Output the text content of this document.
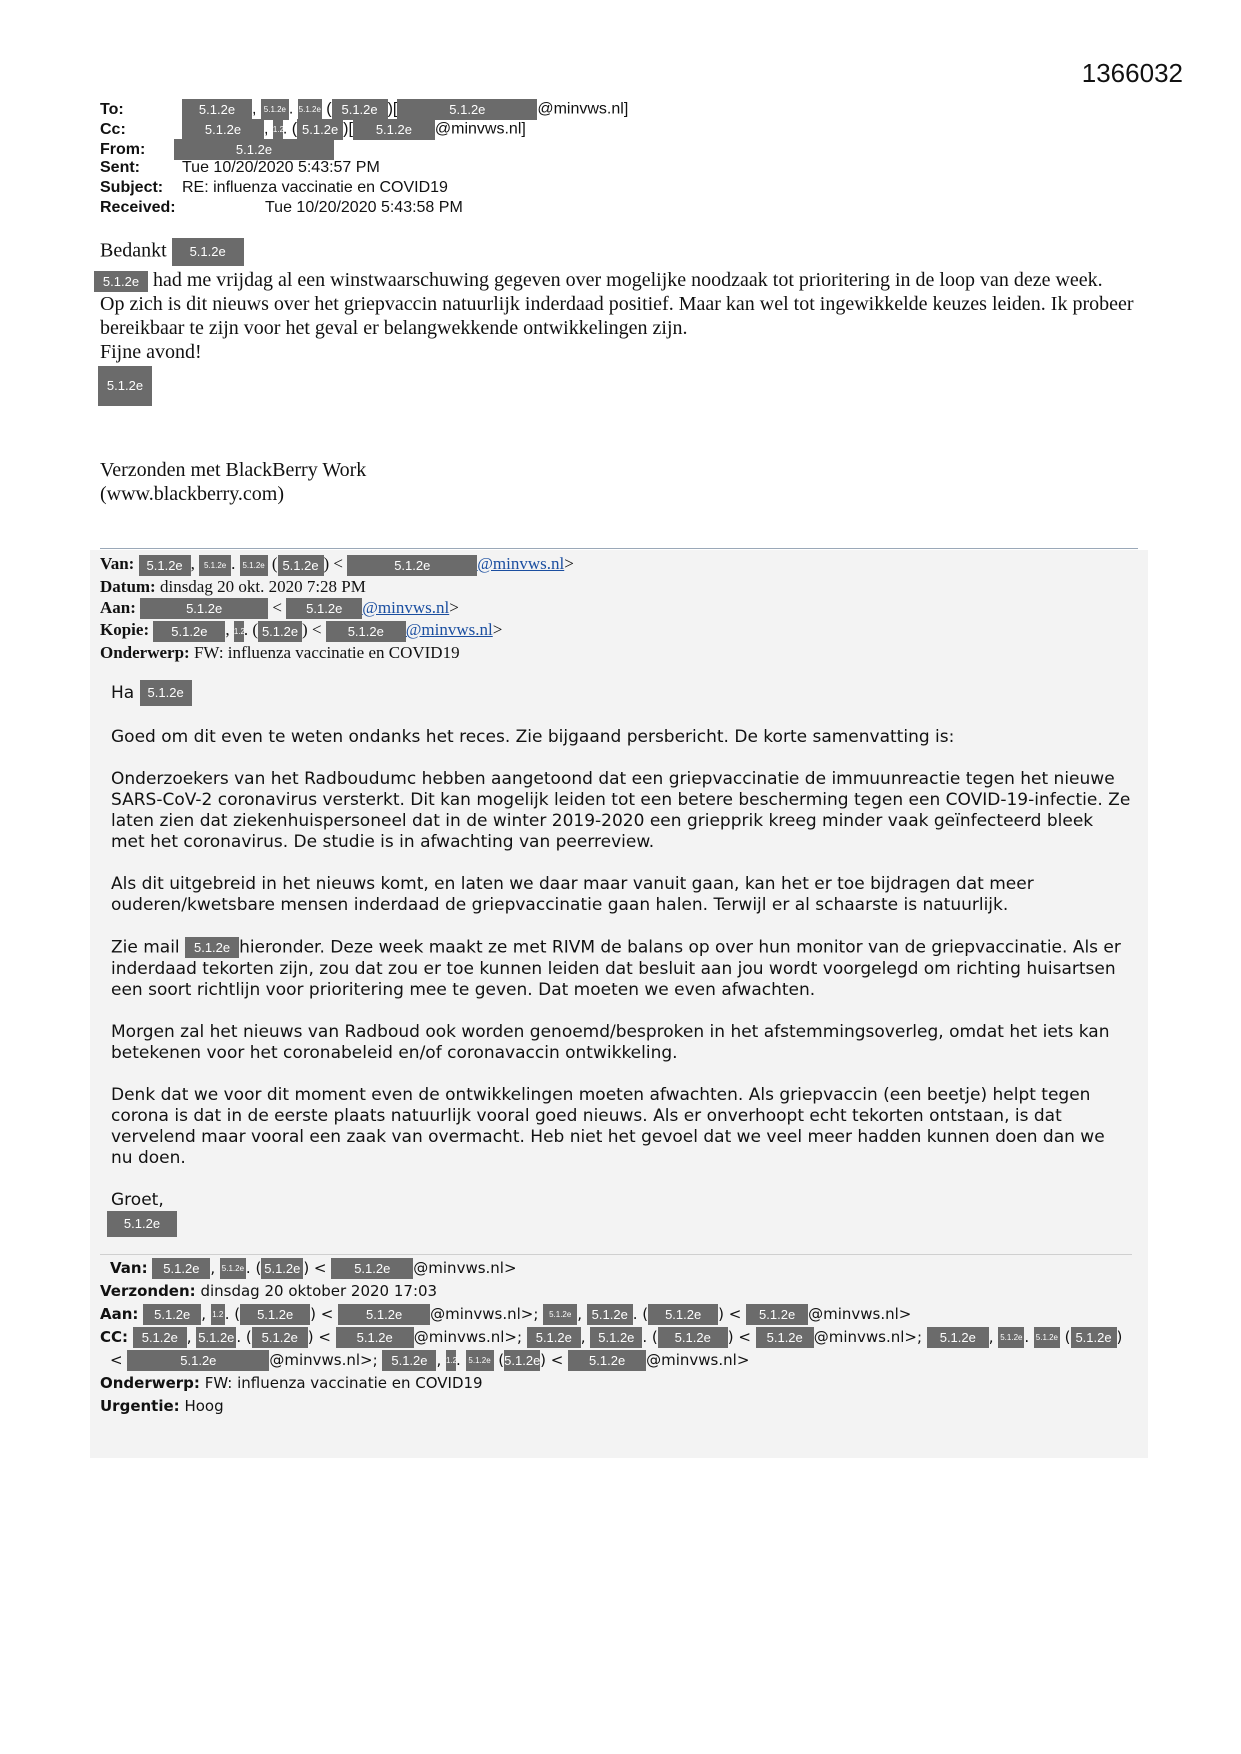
1366032
To:	5.1.2e , 5.1.2e . 5.1.2e ( 5.1.2e )[	5.1.2e	@minvws.nl]
Cc:	5.1.2e , 1.2. ( 5.1.2e )[ 5.1.2e @minvws.nl]
From:	5.1.2e
Sent:	Tue 10/20/2020 5:43:57 PM
Subject: RE: influenza vaccinatie en COVID19
Received:	Tue 10/20/2020 5:43:58 PM

Bedankt 5.1.2e

5.1.2e had me vrijdag al een winstwaarschuwing gegeven over mogelijke noodzaak tot prioritering in de loop van deze week.

Op zich is dit nieuws over het griepvaccin natuurlijk inderdaad positief. Maar kan wel tot ingewikkelde keuzes leiden. Ik probeer bereikbaar te zijn voor het geval er belangwekkende ontwikkelingen zijn.

Fijne avond!

5.1.2e

Verzonden met BlackBerry Work
(www.blackberry.com)
Van: 5.1.2e , 5.1.2e . 5.1.2e ( 5.1.2e ) <	5.1.2e	@minvws.nl>
Datum: dinsdag 20 okt. 2020 7:28 PM
Aan:	5.1.2e	< 5.1.2e @minvws.nl>
Kopie: 5.1.2e , 1.2. ( 5.1.2e ) < 5.1.2e @minvws.nl>
Onderwerp: FW: influenza vaccinatie en COVID19

Ha 5.1.2e

Goed om dit even te weten ondanks het reces. Zie bijgaand persbericht. De korte samenvatting is:

Onderzoekers van het Radboudumc hebben aangetoond dat een griepvaccinatie de immuunreactie tegen het nieuwe SARS-CoV-2 coronavirus versterkt. Dit kan mogelijk leiden tot een betere bescherming tegen een COVID-19-infectie. Ze laten zien dat ziekenhuispersoneel dat in de winter 2019-2020 een griepprik kreeg minder vaak geïnfecteerd bleek met het coronavirus. De studie is in afwachting van peerreview.

Als dit uitgebreid in het nieuws komt, en laten we daar maar vanuit gaan, kan het er toe bijdragen dat meer ouderen/kwetsbare mensen inderdaad de griepvaccinatie gaan halen. Terwijl er al schaarste is natuurlijk.

Zie mail 5.1.2e hieronder. Deze week maakt ze met RIVM de balans op over hun monitor van de griepvaccinatie. Als er inderdaad tekorten zijn, zou dat zou er toe kunnen leiden dat besluit aan jou wordt voorgelegd om richting huisartsen een soort richtlijn voor prioritering mee te geven. Dat moeten we even afwachten.

Morgen zal het nieuws van Radboud ook worden genoemd/besproken in het afstemmingsoverleg, omdat het iets kan betekenen voor het coronabeleid en/of coronavaccin ontwikkeling.

Denk dat we voor dit moment even de ontwikkelingen moeten afwachten. Als griepvaccin (een beetje) helpt tegen corona is dat in de eerste plaats natuurlijk vooral goed nieuws. Als er onverhoopt echt tekorten ontstaan, is dat vervelend maar vooral een zaak van overmacht. Heb niet het gevoel dat we veel meer hadden kunnen doen dan we nu doen.

Groet,

5.1.2e
Van: 5.1.2e , 5.1.2e . ( 5.1.2e ) < 5.1.2e @minvws.nl>
Verzonden: dinsdag 20 oktober 2020 17:03
Aan: 5.1.2e , 1.2. ( 5.1.2e ) < 5.1.2e @minvws.nl>; 5.1.2e , 5.1.2e . ( 5.1.2e ) < 5.1.2e @minvws.nl>
CC: 5.1.2e , 5.1.2e . ( 5.1.2e ) < 5.1.2e @minvws.nl>; 5.1.2e , 5.1.2e . ( 5.1.2e ) < 5.1.2e @minvws.nl>; 5.1.2e , 5.1.2e . 5.1.2e ( 5.1.2e )
<	5.1.2e	@minvws.nl>; 5.1.2e , 1.2. 5.1.2e (5.1.2e) < 5.1.2e @minvws.nl>
Onderwerp: FW: influenza vaccinatie en COVID19
Urgentie: Hoog
